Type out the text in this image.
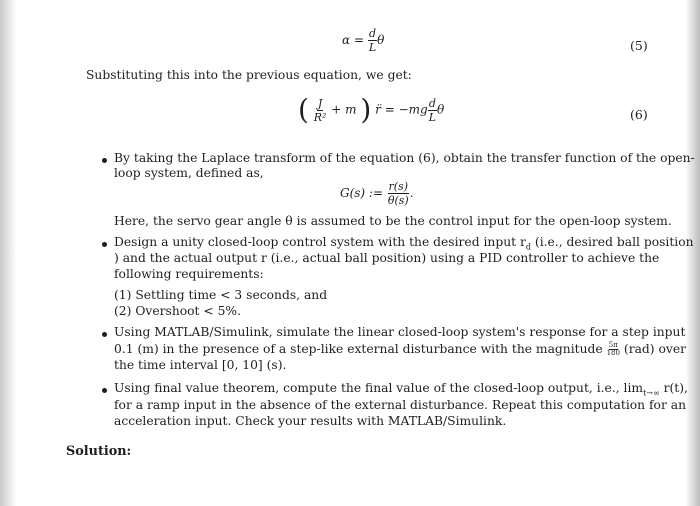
$\alpha = \frac{d}{L}$ θ	(5)
Substituting this into the previous equation, we get:
( $\frac{J}{\text{R²}} + m$ ) r̈ = $-mg \frac{d}{L}$ θ	(6)
By taking the Laplace transform of the equation (6), obtain the transfer function of the open-
loop system, defined as,
G(s) := $\frac{r(s)}{\theta(s)}$ .
Here, the servo gear angle θ is assumed to be the control input for the open-loop system.
Design a unity closed-loop control system with the desired input $r_d$ (i.e., desired ball position
) and the actual output r (i.e., actual ball position) using a PID controller to achieve the
following requirements:
(1) Settling time < 3 seconds, and
(2) Overshoot < 5%.
Using MATLAB/Simulink, simulate the linear closed-loop system's response for a step input
0.1 (m) in the presence of a step-like external disturbance with the magnitude $\frac{5\pi}{180} (rad)$ over
the time interval [0, 10] (s).
Using final value theorem, compute the final value of the closed-loop output, i.e., $\lim_{t\to\infty} r(t)$,
for a ramp input in the absence of the external disturbance. Repeat this computation for an
acceleration input. Check your results with MATLAB/Simulink.
Solution:
